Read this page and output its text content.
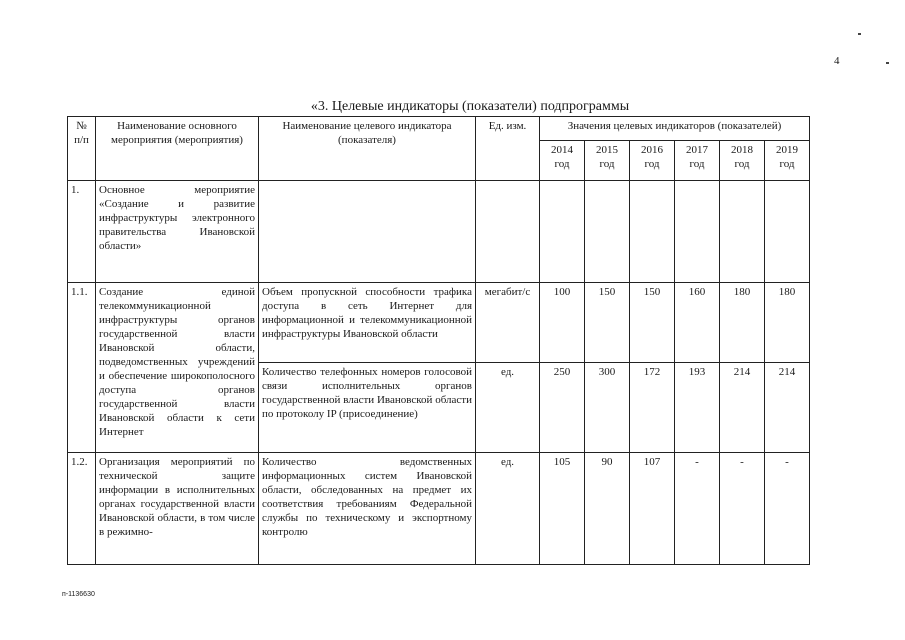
4
«3. Целевые индикаторы (показатели) подпрограммы
№ п/п	Наименование основного мероприятия (мероприятия)	Наименование целевого индикатора (показателя)	Ед. изм.	Значения целевых индикаторов (показателей)					
				2014 год	2015 год	2016 год	2017 год	2018 год	2019 год
1.	Основное мероприятие «Создание и развитие инфраструктуры электронного правительства Ивановской области»								
1.1.	Создание единой телекоммуникационной инфраструктуры органов государственной власти Ивановской области, подведомственных учреждений и обеспечение широкополосного доступа органов государственной власти Ивановской области к сети Интернет	Объем пропускной способности трафика доступа в сеть Интернет для информационной и телекоммуникационной инфраструктуры Ивановской области	мегабит/с	100	150	150	160	180	180
		Количество телефонных номеров голосовой связи исполнительных органов государственной власти Ивановской области по протоколу IP (присоединение)	ед.	250	300	172	193	214	214
1.2.	Организация мероприятий по технической защите информации в исполнительных органах государственной власти Ивановской области, в том числе в режимно-	Количество ведомственных информационных систем Ивановской области, обследованных на предмет их соответствия требованиям Федеральной службы по техническому и экспортному контролю	ед.	105	90	107	-	-	-
п-1136630
